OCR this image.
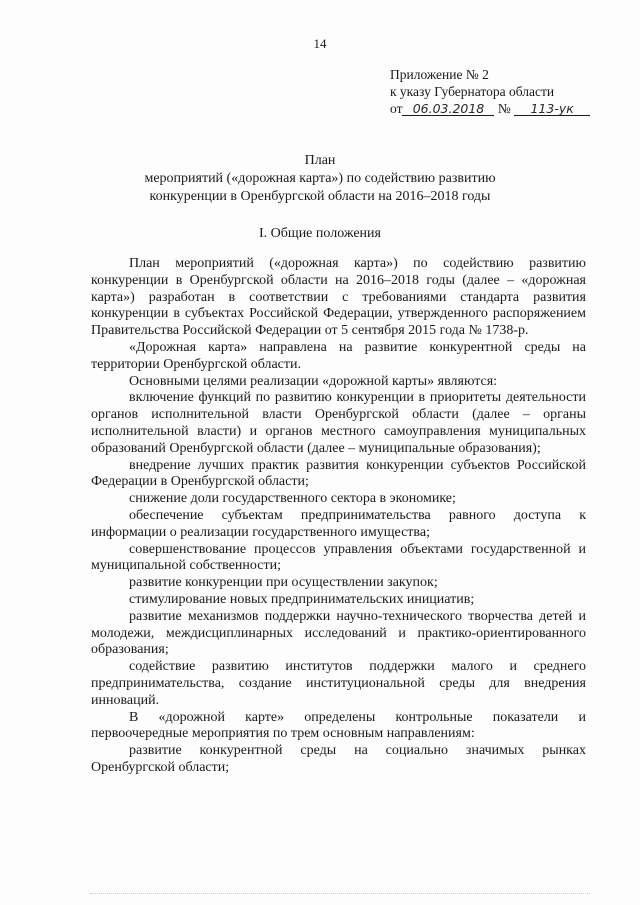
14
Приложение № 2
к указу Губернатора области
от 06.03.2018 № 113-ук
План
мероприятий («дорожная карта») по содействию развитию
конкуренции в Оренбургской области на 2016–2018 годы
I. Общие положения

План мероприятий («дорожная карта») по содействию развитию конкуренции в Оренбургской области на 2016–2018 годы (далее – «дорожная карта») разработан в соответствии с требованиями стандарта развития конкуренции в субъектах Российской Федерации, утвержденного распоряжением Правительства Российской Федерации от 5 сентября 2015 года № 1738-р.

«Дорожная карта» направлена на развитие конкурентной среды на территории Оренбургской области.

Основными целями реализации «дорожной карты» являются:

включение функций по развитию конкуренции в приоритеты деятельности органов исполнительной власти Оренбургской области (далее – органы исполнительной власти) и органов местного самоуправления муниципальных образований Оренбургской области (далее – муниципальные образования);

внедрение лучших практик развития конкуренции субъектов Российской Федерации в Оренбургской области;

снижение доли государственного сектора в экономике;

обеспечение субъектам предпринимательства равного доступа к информации о реализации государственного имущества;

совершенствование процессов управления объектами государственной и муниципальной собственности;

развитие конкуренции при осуществлении закупок;

стимулирование новых предпринимательских инициатив;

развитие механизмов поддержки научно-технического творчества детей и молодежи, междисциплинарных исследований и практико-ориентированного образования;

содействие развитию институтов поддержки малого и среднего предпринимательства, создание институциональной среды для внедрения инноваций.

В «дорожной карте» определены контрольные показатели и первоочередные мероприятия по трем основным направлениям:

развитие конкурентной среды на социально значимых рынках Оренбургской области;
